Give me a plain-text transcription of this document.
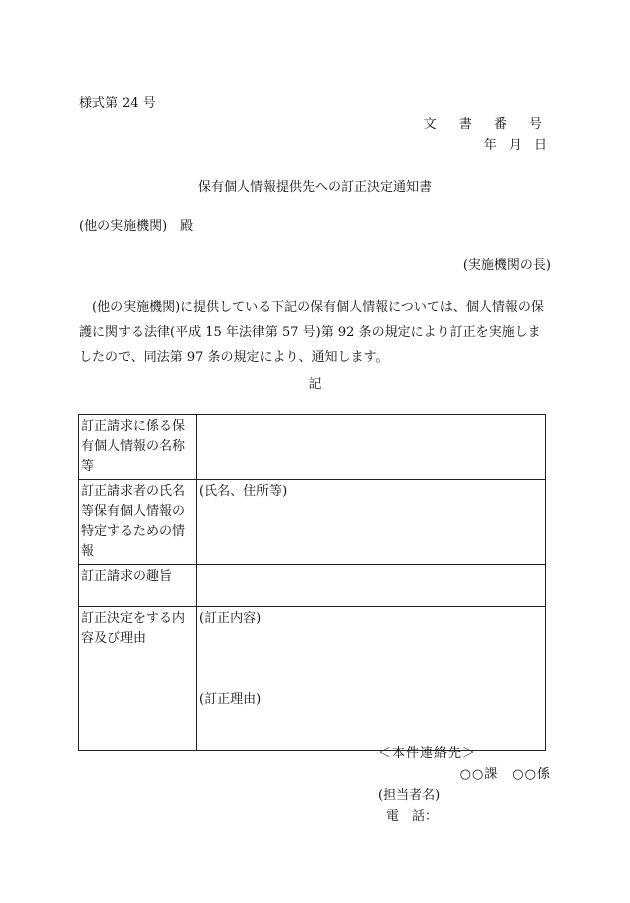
様式第 24 号
文 書 番 号
年 月 日
保有個人情報提供先への訂正決定通知書
(他の実施機関)　殿
(実施機関の長)
　(他の実施機関)に提供している下記の保有個人情報については、個人情報の保護に関する法律(平成 15 年法律第 57 号)第 92 条の規定により訂正を実施しましたので、同法第 97 条の規定により、通知します。
記
訂正請求に係る保有個人情報の名称等	
訂正請求者の氏名等保有個人情報の特定するための情報	(氏名、住所等)
訂正請求の趣旨	
訂正決定をする内容及び理由	(訂正内容)
(訂正理由)
＜本件連絡先＞
○○課　○○係
(担当者名)
電　話：
